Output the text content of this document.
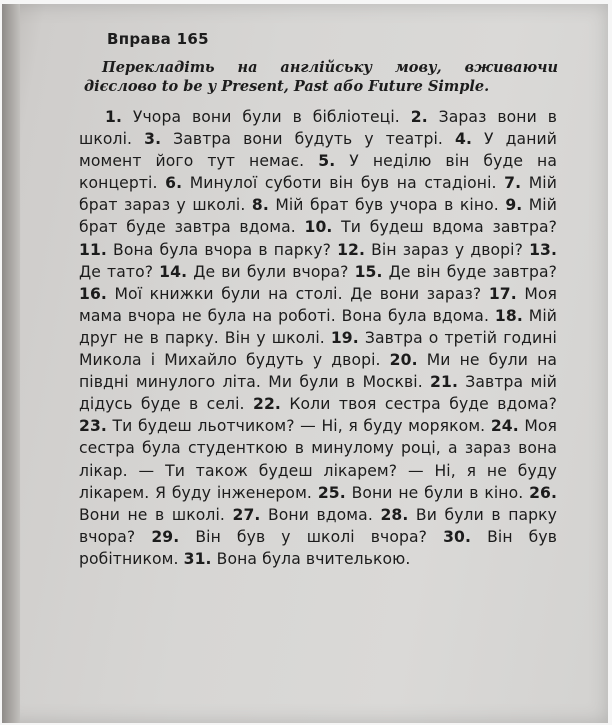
Вправа 165
Перекладіть на англійську мову, вживаючи дієслово to be у Present, Past або Future Simple.
1. Учора вони були в бібліотеці. 2. Зараз вони в школі. 3. Завтра вони будуть у театрі. 4. У даний момент його тут немає. 5. У неділю він буде на концерті. 6. Минулої суботи він був на стадіоні. 7. Мій брат зараз у школі. 8. Мій брат був учора в кіно. 9. Мій брат буде завтра вдома. 10. Ти будеш вдома завтра? 11. Вона була вчора в парку? 12. Він зараз у дворі? 13. Де тато? 14. Де ви були вчора? 15. Де він буде завтра? 16. Мої книжки були на столі. Де вони зараз? 17. Моя мама вчора не була на роботі. Вона була вдома. 18. Мій друг не в парку. Він у школі. 19. Завтра о третій годині Микола і Михайло будуть у дворі. 20. Ми не були на півдні минулого літа. Ми були в Москві. 21. Завтра мій дідусь буде в селі. 22. Коли твоя сестра буде вдома? 23. Ти будеш льотчиком? — Ні, я буду моряком. 24. Моя сестра була студенткою в минулому році, а зараз вона лікар. — Ти також будеш лікарем? — Ні, я не буду лікарем. Я буду інженером. 25. Вони не були в кіно. 26. Вони не в школі. 27. Вони вдома. 28. Ви були в парку вчора? 29. Він був у школі вчора? 30. Він був робітником. 31. Вона була вчителькою.
